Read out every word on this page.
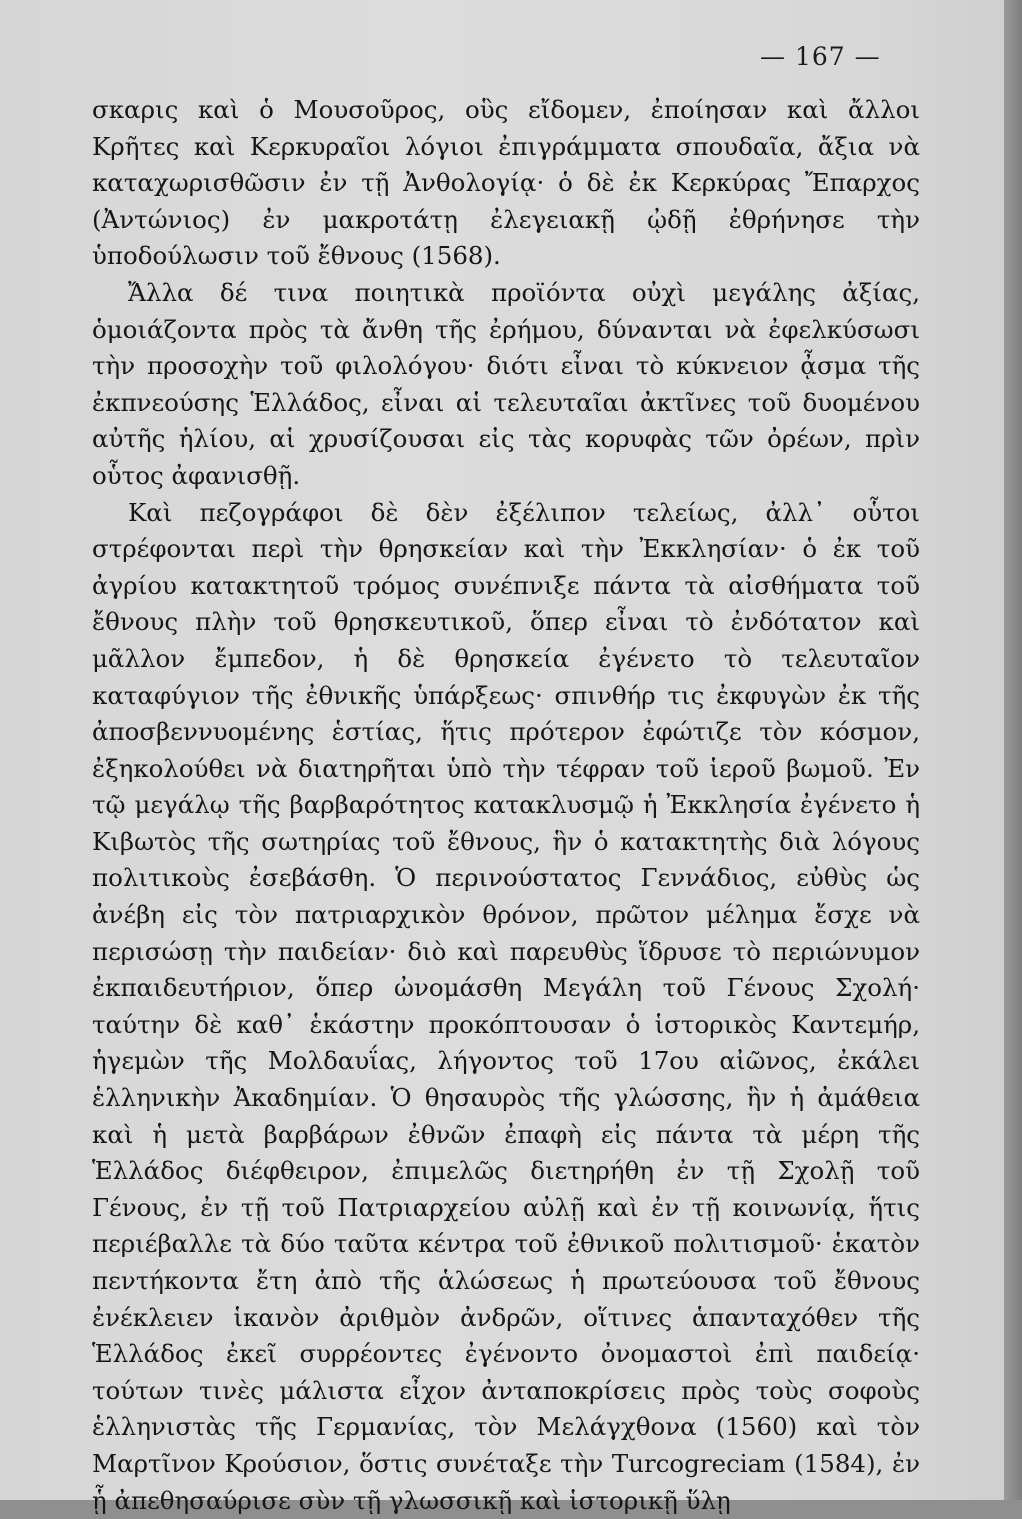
— 167 —

σκαρις καὶ ὁ Μουσοῦρος, οὓς εἴδομεν, ἐποίησαν καὶ ἄλλοι Κρῆτες καὶ Κερκυραῖοι λόγιοι ἐπιγράμματα σπουδαῖα, ἄξια νὰ καταχωρισθῶσιν ἐν τῇ Ἀνθολογίᾳ· ὁ δὲ ἐκ Κερκύρας Ἔπαρχος (Ἀντώνιος) ἐν μακροτάτῃ ἐλεγειακῇ ᾠδῇ ἐθρήνησε τὴν ὑποδούλωσιν τοῦ ἔθνους (1568).

Ἄλλα δέ τινα ποιητικὰ προϊόντα οὐχὶ μεγάλης ἀξίας, ὁμοιάζοντα πρὸς τὰ ἄνθη τῆς ἐρήμου, δύνανται νὰ ἐφελκύσωσι τὴν προσοχὴν τοῦ φιλολόγου· διότι εἶναι τὸ κύκνειον ᾆσμα τῆς ἐκπνεούσης Ἑλλάδος, εἶναι αἱ τελευταῖαι ἀκτῖνες τοῦ δυομένου αὐτῆς ἡλίου, αἱ χρυσίζουσαι εἰς τὰς κορυφὰς τῶν ὀρέων, πρὶν οὗτος ἀφανισθῇ.

Καὶ πεζογράφοι δὲ δὲν ἐξέλιπον τελείως, ἀλλ᾽ οὗτοι στρέφονται περὶ τὴν θρησκείαν καὶ τὴν Ἐκκλησίαν· ὁ ἐκ τοῦ ἀγρίου κατακτητοῦ τρόμος συνέπνιξε πάντα τὰ αἰσθήματα τοῦ ἔθνους πλὴν τοῦ θρησκευτικοῦ, ὅπερ εἶναι τὸ ἐνδότατον καὶ μᾶλλον ἔμπεδον, ἡ δὲ θρησκεία ἐγένετο τὸ τελευταῖον καταφύγιον τῆς ἐθνικῆς ὑπάρξεως· σπινθήρ τις ἐκφυγὼν ἐκ τῆς ἀποσβεννυομένης ἑστίας, ἥτις πρότερον ἐφώτιζε τὸν κόσμον, ἐξηκολούθει νὰ διατηρῆται ὑπὸ τὴν τέφραν τοῦ ἱεροῦ βωμοῦ. Ἐν τῷ μεγάλῳ τῆς βαρβαρότητος κατακλυσμῷ ἡ Ἐκκλησία ἐγένετο ἡ Κιβωτὸς τῆς σωτηρίας τοῦ ἔθνους, ἣν ὁ κατακτητὴς διὰ λόγους πολιτικοὺς ἐσεβάσθη. Ὁ περινούστατος Γεννάδιος, εὐθὺς ὡς ἀνέβη εἰς τὸν πατριαρχικὸν θρόνον, πρῶτον μέλημα ἔσχε νὰ περισώσῃ τὴν παιδείαν· διὸ καὶ παρευθὺς ἵδρυσε τὸ περιώνυμον ἐκπαιδευτήριον, ὅπερ ὠνομάσθη Μεγάλη τοῦ Γένους Σχολή· ταύτην δὲ καθ᾽ ἑκάστην προκόπτουσαν ὁ ἱστορικὸς Καντεμήρ, ἡγεμὼν τῆς Μολδαυΐας, λήγοντος τοῦ 17ου αἰῶνος, ἐκάλει ἑλληνικὴν Ἀκαδημίαν. Ὁ θησαυρὸς τῆς γλώσσης, ἣν ἡ ἀμάθεια καὶ ἡ μετὰ βαρβάρων ἐθνῶν ἐπαφὴ εἰς πάντα τὰ μέρη τῆς Ἑλλάδος διέφθειρον, ἐπιμελῶς διετηρήθη ἐν τῇ Σχολῇ τοῦ Γένους, ἐν τῇ τοῦ Πατριαρχείου αὐλῇ καὶ ἐν τῇ κοινωνίᾳ, ἥτις περιέβαλλε τὰ δύο ταῦτα κέντρα τοῦ ἐθνικοῦ πολιτισμοῦ· ἑκατὸν πεντήκοντα ἔτη ἀπὸ τῆς ἁλώσεως ἡ πρωτεύουσα τοῦ ἔθνους ἐνέκλειεν ἱκανὸν ἀριθμὸν ἀνδρῶν, οἵτινες ἁπανταχόθεν τῆς Ἑλλάδος ἐκεῖ συρρέοντες ἐγένοντο ὀνομαστοὶ ἐπὶ παιδείᾳ· τούτων τινὲς μάλιστα εἶχον ἀνταποκρίσεις πρὸς τοὺς σοφοὺς ἑλληνιστὰς τῆς Γερμανίας, τὸν Μελάγχθονα (1560) καὶ τὸν Μαρτῖνον Κρούσιον, ὅστις συνέταξε τὴν Turcogreciam (1584), ἐν ᾗ ἀπεθησαύρισε σὺν τῇ γλωσσικῇ καὶ ἱστορικῇ ὕλῃ
